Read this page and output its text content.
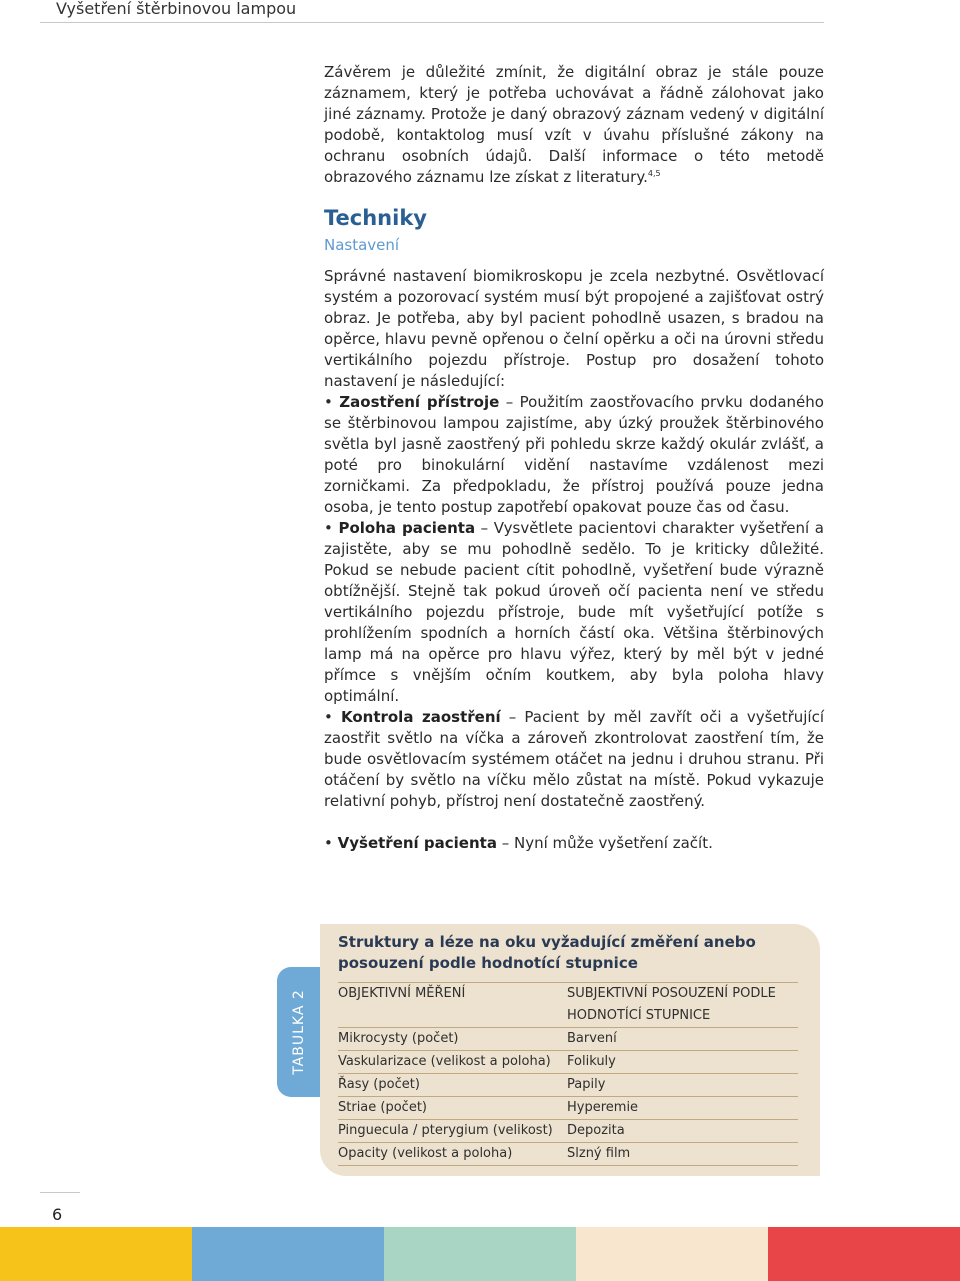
Vyšetření štěrbinovou lampou

Závěrem je důležité zmínit, že digitální obraz je stále pouze záznamem, který je potřeba uchovávat a řádně zálohovat jako jiné záznamy. Protože je daný obrazový záznam vedený v digitální podobě, kontaktolog musí vzít v úvahu příslušné zákony na ochranu osobních údajů. Další informace o této metodě obrazového záznamu lze získat z literatury.$^{4,5}$

Techniky
Nastavení

Správné nastavení biomikroskopu je zcela nezbytné. Osvětlovací systém a pozorovací systém musí být propojené a zajišťovat ostrý obraz. Je potřeba, aby byl pacient pohodlně usazen, s bradou na opěrce, hlavu pevně opřenou o čelní opěrku a oči na úrovni středu vertikálního pojezdu přístroje. Postup pro dosažení tohoto nastavení je následující:

• Zaostření přístroje – Použitím zaostřovacího prvku dodaného se štěrbinovou lampou zajistíme, aby úzký proužek štěrbinového světla byl jasně zaostřený při pohledu skrze každý okulár zvlášť, a poté pro binokulární vidění nastavíme vzdálenost mezi zorničkami. Za předpokladu, že přístroj používá pouze jedna osoba, je tento postup zapotřebí opakovat pouze čas od času.

• Poloha pacienta – Vysvětlete pacientovi charakter vyšetření a zajistěte, aby se mu pohodlně sedělo. To je kriticky důležité. Pokud se nebude pacient cítit pohodlně, vyšetření bude výrazně obtížnější. Stejně tak pokud úroveň očí pacienta není ve středu vertikálního pojezdu přístroje, bude mít vyšetřující potíže s prohlížením spodních a horních částí oka. Většina štěrbinových lamp má na opěrce pro hlavu výřez, který by měl být v jedné přímce s vnějším očním koutkem, aby byla poloha hlavy optimální.

• Kontrola zaostření – Pacient by měl zavřít oči a vyšetřující zaostřit světlo na víčka a zároveň zkontrolovat zaostření tím, že bude osvětlovacím systémem otáčet na jednu i druhou stranu. Při otáčení by světlo na víčku mělo zůstat na místě. Pokud vykazuje relativní pohyb, přístroj není dostatečně zaostřený.

• Vyšetření pacienta – Nyní může vyšetření začít.

TABULKA 2
Struktury a léze na oku vyžadující změření anebo posouzení podle hodnotící stupnice
OBJEKTIVNÍ MĚŘENÍ	SUBJEKTIVNÍ POSOUZENÍ PODLE HODNOTÍCÍ STUPNICE
Mikrocysty (počet)	Barvení
Vaskularizace (velikost a poloha)	Folikuly
Řasy (počet)	Papily
Striae (počet)	Hyperemie
Pinguecula / pterygium (velikost)	Depozita
Opacity (velikost a poloha)	Slzný film
6
